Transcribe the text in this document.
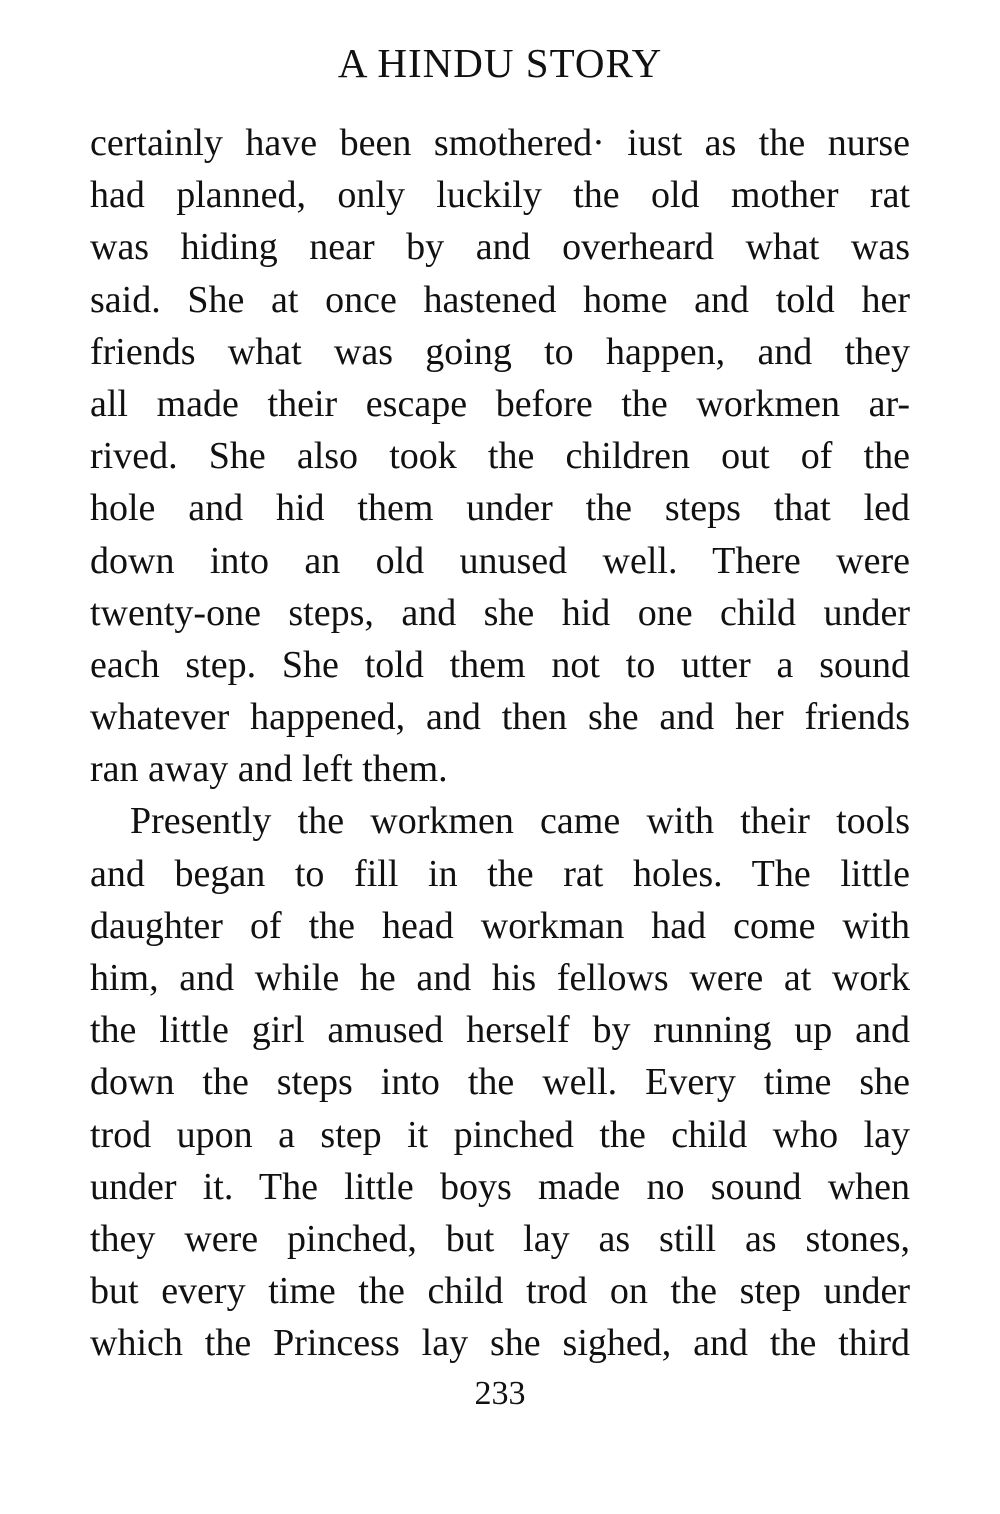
A HINDU STORY
certainly have been smothered· iust as the nurse
had planned, only luckily the old mother rat
was hiding near by and overheard what was
said. She at once hastened home and told her
friends what was going to happen, and they
all made their escape before the workmen ar-
rived. She also took the children out of the
hole and hid them under the steps that led
down into an old unused well. There were
twenty-one steps, and she hid one child under
each step. She told them not to utter a sound
whatever happened, and then she and her friends
ran away and left them.
Presently the workmen came with their tools
and began to fill in the rat holes. The little
daughter of the head workman had come with
him, and while he and his fellows were at work
the little girl amused herself by running up and
down the steps into the well. Every time she
trod upon a step it pinched the child who lay
under it. The little boys made no sound when
they were pinched, but lay as still as stones,
but every time the child trod on the step under
which the Princess lay she sighed, and the third
233
